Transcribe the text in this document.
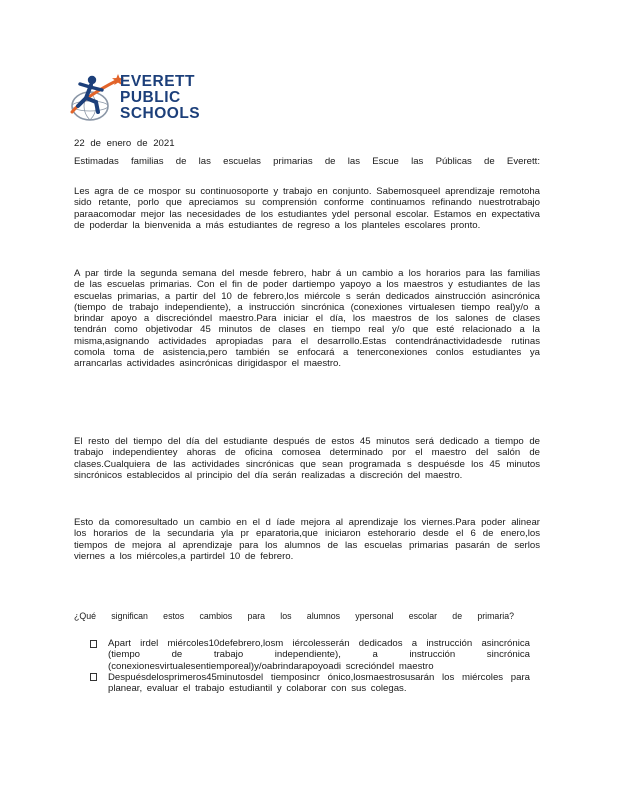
EVERETT
PUBLIC
SCHOOLS
22 de enero de 2021
Estimadas familias de las escuelas primarias de las Escue las Públicas de Everett:
Les agra de ce mospor su continuosoporte y trabajo en conjunto. Sabemosqueel aprendizaje remotoha sido retante, porlo que apreciamos su comprensión conforme continuamos refinando nuestrotrabajo paraacomodar mejor las necesidades de los estudiantes ydel personal escolar. Estamos en expectativa de poderdar la bienvenida a más estudiantes de regreso a los planteles escolares pronto.
A par tirde la segunda semana del mesde febrero, habr á un cambio a los horarios para las familias de las escuelas primarias. Con el fin de poder dartiempo yapoyo a los maestros y estudiantes de las escuelas primarias, a partir del 10 de febrero,los miércole s serán dedicados ainstrucción asincrónica (tiempo de trabajo independiente), a instrucción sincrónica (conexiones virtualesen tiempo real)y/o a brindar apoyo a discrecióndel maestro.Para iniciar el día, los maestros de los salones de clases tendrán como objetivodar 45 minutos de clases en tiempo real y/o que esté relacionado a la misma,asignando actividades apropiadas para el desarrollo.Estas contendránactividadesde rutinas comola toma de asistencia,pero también se enfocará a tenerconexiones conlos estudiantes ya arrancarlas actividades asincrónicas dirigidaspor el maestro.
El resto del tiempo del día del estudiante después de estos 45 minutos será dedicado a tiempo de trabajo independientey ahoras de oficina comosea determinado por el maestro del salón de clases.Cualquiera de las actividades sincrónicas que sean programada s despuésde los 45 minutos sincrónicos establecidos al principio del día serán realizadas a discreción del maestro.
Esto da comoresultado un cambio en el d íade mejora al aprendizaje los viernes.Para poder alinear los horarios de la secundaria yla pr eparatoria,que iniciaron estehorario desde el 6 de enero,los tiempos de mejora al aprendizaje para los alumnos de las escuelas primarias pasarán de serlos viernes a los miércoles,a partirdel 10 de febrero.
¿Qué significan estos cambios para los alumnos ypersonal escolar de primaria?
Apart irdel miércoles10defebrero,losm iércolesserán dedicados a instrucción asincrónica (tiempo de trabajo independiente), a instrucción sincrónica (conexionesvirtualesentiemporeal)y/oabrindarapoyoadi screcióndel maestro
Despuésdelosprimeros45minutosdel tiemposincr ónico,losmaestrosusarán los miércoles para planear, evaluar el trabajo estudiantil y colaborar con sus colegas.
